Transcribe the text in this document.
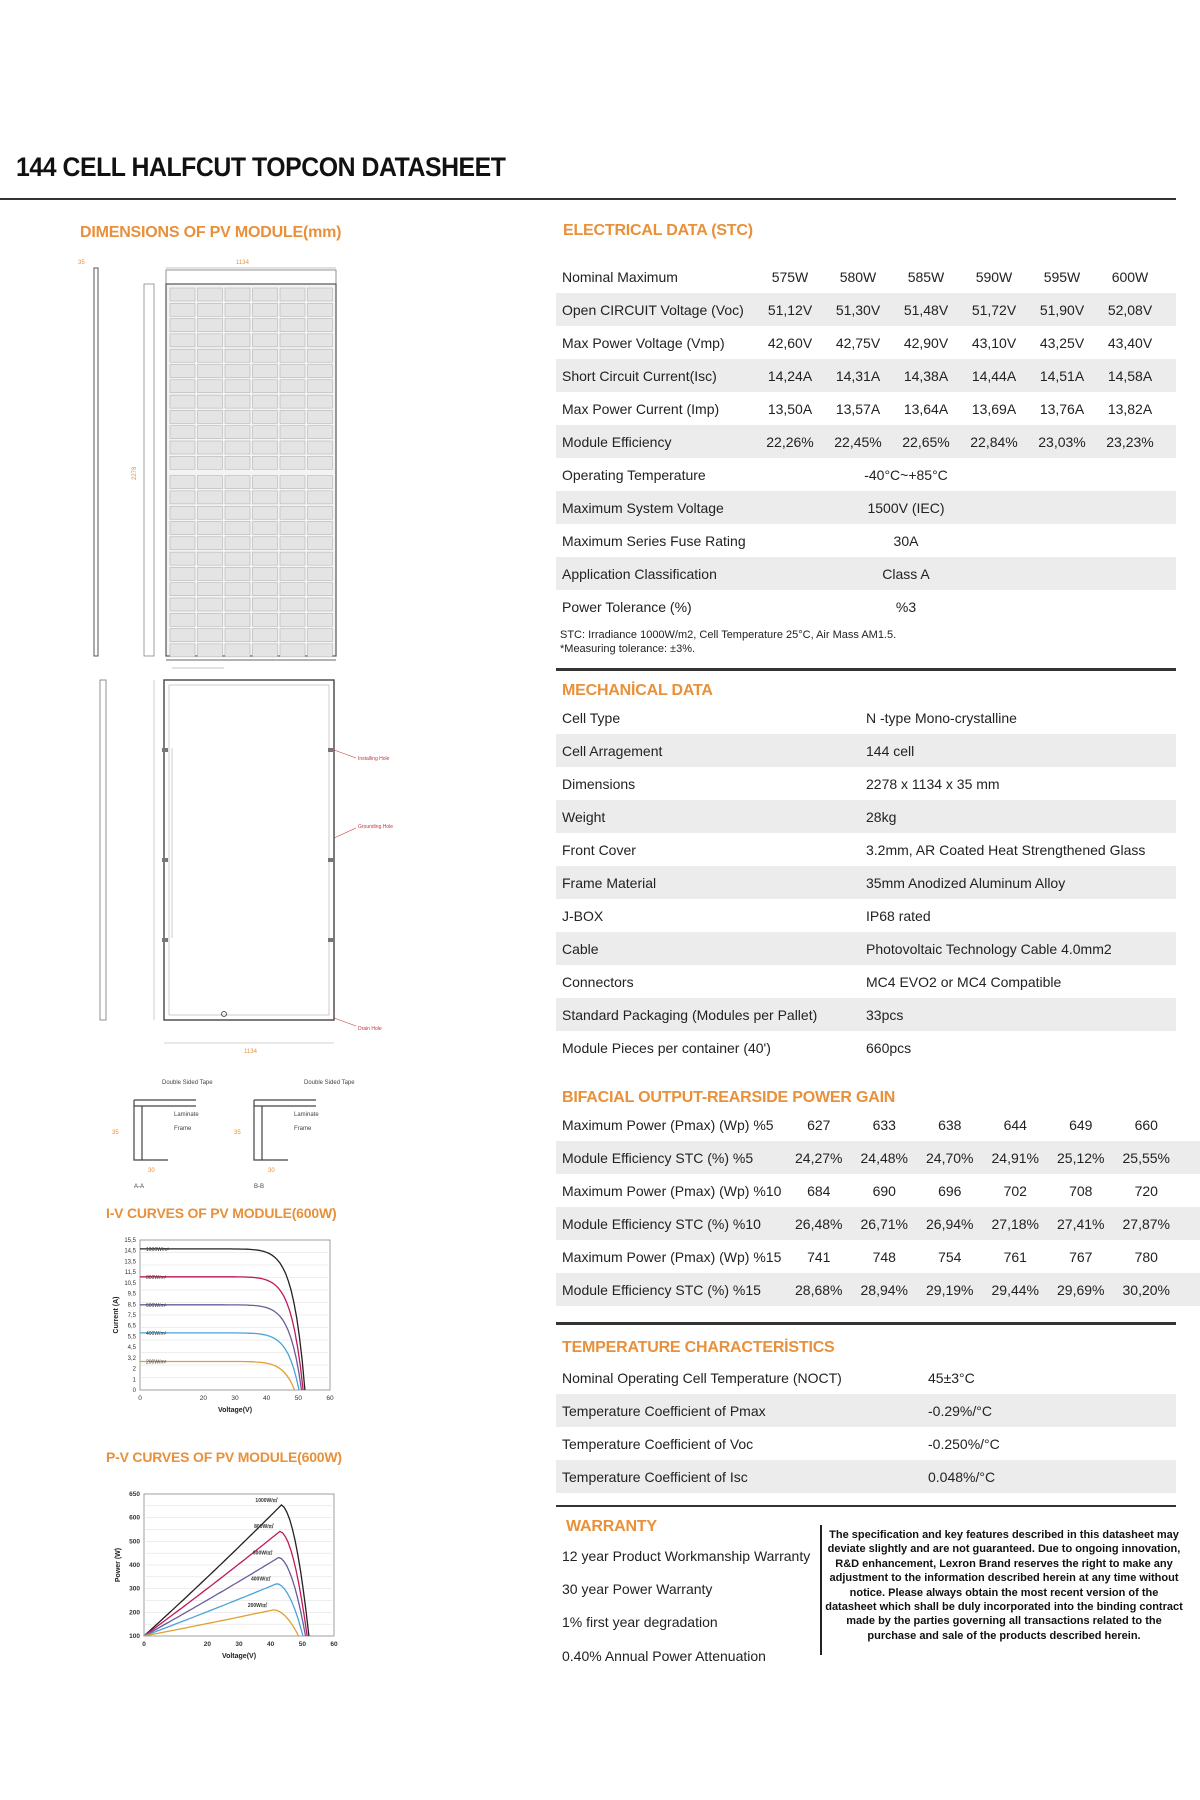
144 CELL HALFCUT TOPCON DATASHEET
DIMENSIONS OF PV MODULE(mm)
35	1134
2278
Installing Hole
Grounding Hole
Drain Hole
1134
Double Sided Tape	Double Sided Tape
Laminate
Frame
Laminate
Frame
35	35
30	30
A-A	B-B
I-V CURVES OF PV MODULE(600W)
15,5
14,5
13,5
11,5
10,5
9,5
8,5
7,5
6,5
5,5
4,5
3,2
2
1
0
0	20	30	40	50	60
Voltage(V)
Current (A)
1000W/m²
800W/m²
600W/m²
400W/m²
200W/m²
P-V CURVES OF PV MODULE(600W)
650
600
500
400
300
200
100
0	20	30	40	50	60
Voltage(V)
Power (W)
1000W/㎡
800W/㎡
600W/㎡
400W/㎡
200W/㎡
ELECTRICAL DATA (STC)
Nominal Maximum	575W	580W	585W	590W	595W	600W
Open CIRCUIT Voltage (Voc)	51,12V	51,30V	51,48V	51,72V	51,90V	52,08V
Max Power Voltage (Vmp)	42,60V	42,75V	42,90V	43,10V	43,25V	43,40V
Short Circuit Current(Isc)	14,24A	14,31A	14,38A	14,44A	14,51A	14,58A
Max Power Current (Imp)	13,50A	13,57A	13,64A	13,69A	13,76A	13,82A
Module Efficiency	22,26%	22,45%	22,65%	22,84%	23,03%	23,23%
Operating Temperature	-40°C~+85°C
Maximum System Voltage	1500V (IEC)
Maximum Series Fuse Rating	30A
Application Classification	Class A
Power Tolerance (%)	%3
STC: Irradiance 1000W/m2, Cell Temperature 25°C, Air Mass AM1.5.
*Measuring tolerance: ±3%.
MECHANİCAL DATA
Cell Type	N -type Mono-crystalline
Cell Arragement	144 cell
Dimensions	2278 x 1134 x 35 mm
Weight	28kg
Front Cover	3.2mm, AR Coated Heat Strengthened Glass
Frame Material	35mm Anodized Aluminum Alloy
J-BOX	IP68 rated
Cable	Photovoltaic Technology Cable 4.0mm2
Connectors	MC4 EVO2 or MC4 Compatible
Standard Packaging (Modules per Pallet)	33pcs
Module Pieces per container (40')	660pcs
BIFACIAL OUTPUT-REARSIDE POWER GAIN
Maximum Power (Pmax) (Wp) %5	627	633	638	644	649	660
Module Efficiency STC (%) %5	24,27%	24,48%	24,70%	24,91%	25,12%	25,55%
Maximum Power (Pmax) (Wp) %10	684	690	696	702	708	720
Module Efficiency STC (%) %10	26,48%	26,71%	26,94%	27,18%	27,41%	27,87%
Maximum Power (Pmax) (Wp) %15	741	748	754	761	767	780
Module Efficiency STC (%) %15	28,68%	28,94%	29,19%	29,44%	29,69%	30,20%
TEMPERATURE CHARACTERİSTICS
Nominal Operating Cell Temperature (NOCT)	45±3°C
Temperature Coefficient of Pmax	-0.29%/°C
Temperature Coefficient of Voc	-0.250%/°C
Temperature Coefficient of Isc	0.048%/°C
WARRANTY
12 year Product Workmanship Warranty
30 year Power Warranty
1% first year degradation
0.40% Annual Power Attenuation
The specification and key features described in this datasheet may deviate slightly and are not guaranteed. Due to ongoing innovation, R&D enhancement, Lexron Brand reserves the right to make any adjustment to the information described herein at any time without notice. Please always obtain the most recent version of the datasheet which shall be duly incorporated into the binding contract made by the parties governing all transactions related to the purchase and sale of the products described herein.
